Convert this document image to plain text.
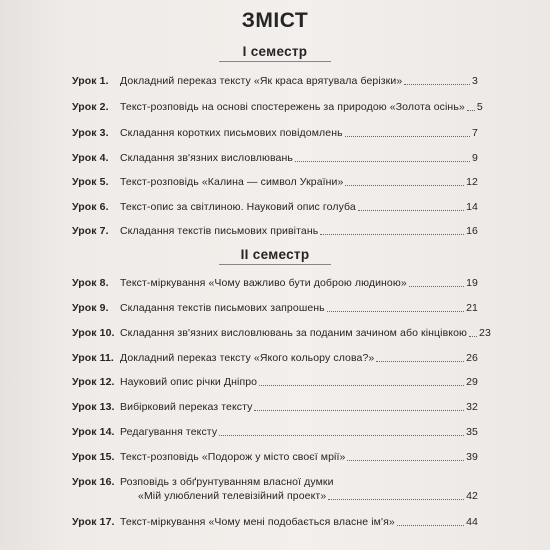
ЗМІСТ
І семестр
ІІ семестр
Урок 1.	Докладний переказ тексту «Як краса врятувала берізки»	3
Урок 2.	Текст-розповідь на основі спостережень за природою «Золота осінь» 5
Урок 3.	Складання коротких письмових повідомлень	7
Урок 4.	Складання зв'язних висловлювань	9
Урок 5.	Текст-розповідь «Калина — символ України»	12
Урок 6.	Текст-опис за світлиною. Науковий опис голуба	14
Урок 7.	Складання текстів письмових привітань	16
Урок 8.	Текст-міркування «Чому важливо бути доброю людиною»	19
Урок 9.	Складання текстів письмових запрошень	21
Урок 10. Складання зв'язних висловлювань за поданим зачином або кінцівкою 23
Урок 11. Докладний переказ тексту «Якого кольору слова?»	26
Урок 12. Науковий опис річки Дніпро	29
Урок 13. Вибірковий переказ тексту	32
Урок 14. Редагування тексту	35
Урок 15. Текст-розповідь «Подорож у місто своєї мрії»	39
Урок 16. Розповідь з обґрунтуванням власної думки
«Мій улюблений телевізійний проект»	42
Урок 17. Текст-міркування «Чому мені подобається власне ім'я»	44
